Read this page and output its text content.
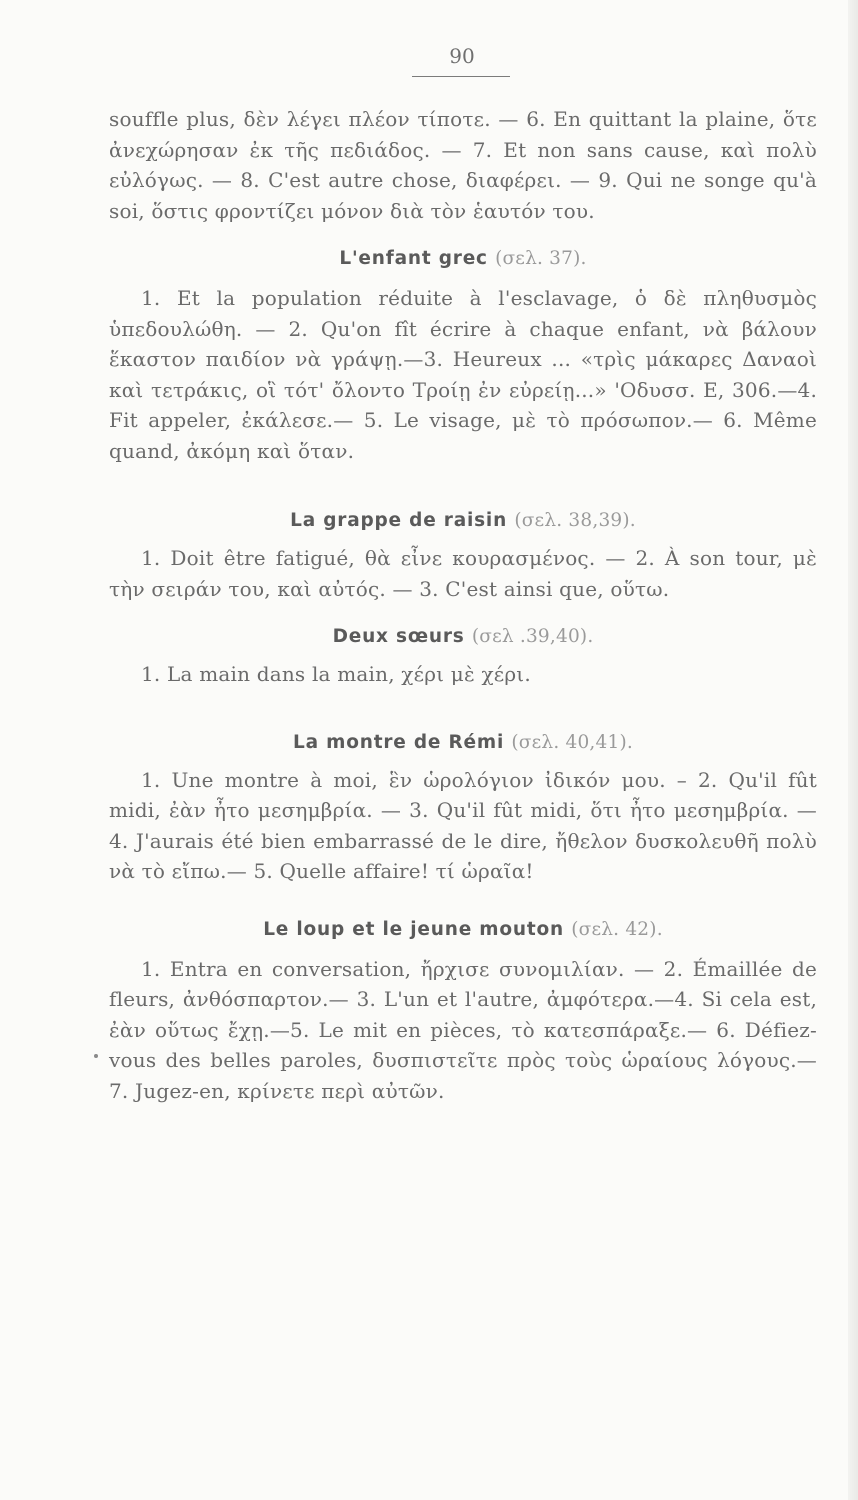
90

souffle plus, δὲν λέγει πλέον τίποτε. — 6. En quittant la plaine, ὅτε ἀνεχώρησαν ἐκ τῆς πεδιάδος. — 7. Et non sans cause, καὶ πολὺ εὐλόγως. — 8. C'est autre chose, διαφέρει. — 9. Qui ne songe qu'à soi, ὅστις φροντίζει μόνον διὰ τὸν ἑαυτόν του.

L'enfant grec (σελ. 37).

1. Et la population réduite à l'esclavage, ὁ δὲ πληθυσμὸς ὑπεδουλώθη. — 2. Qu'on fît écrire à chaque enfant, νὰ βάλουν ἕκαστον παιδίον νὰ γράψῃ.—3. Heureux ... «τρὶς μάκαρες Δαναοὶ καὶ τετράκις, οἳ τότ' ὄλοντο Τροίῃ ἐν εὐρείῃ...» 'Οδυσσ. E, 306.—4. Fit appeler, ἐκάλεσε.— 5. Le visage, μὲ τὸ πρόσωπον.— 6. Même quand, ἀκόμη καὶ ὅταν.

La grappe de raisin (σελ. 38,39).

1. Doit être fatigué, θὰ εἶνε κουρασμένος. — 2. À son tour, μὲ τὴν σειράν του, καὶ αὐτός. — 3. C'est ainsi que, οὕτω.

Deux sœurs (σελ .39,40).

1. La main dans la main, χέρι μὲ χέρι.

La montre de Rémi (σελ. 40,41).

1. Une montre à moi, ἓν ὡρολόγιον ἰδικόν μου. – 2. Qu'il fût midi, ἐὰν ἦτο μεσημβρία. — 3. Qu'il fût midi, ὅτι ἦτο μεσημβρία. — 4. J'aurais été bien embarrassé de le dire, ἤθελον δυσκολευθῆ πολὺ νὰ τὸ εἴπω.— 5. Quelle affaire! τί ὡραῖα!

Le loup et le jeune mouton (σελ. 42).

1. Entra en conversation, ἤρχισε συνομιλίαν. — 2. Émaillée de fleurs, ἀνθόσπαρτον.— 3. L'un et l'autre, ἀμφότερα.—4. Si cela est, ἐὰν οὕτως ἔχῃ.—5. Le mit en pièces, τὸ κατεσπάραξε.— 6. Défiez-vous des belles paroles, δυσπιστεῖτε πρὸς τοὺς ὡραίους λόγους.— 7. Jugez-en, κρίνετε περὶ αὐτῶν.
